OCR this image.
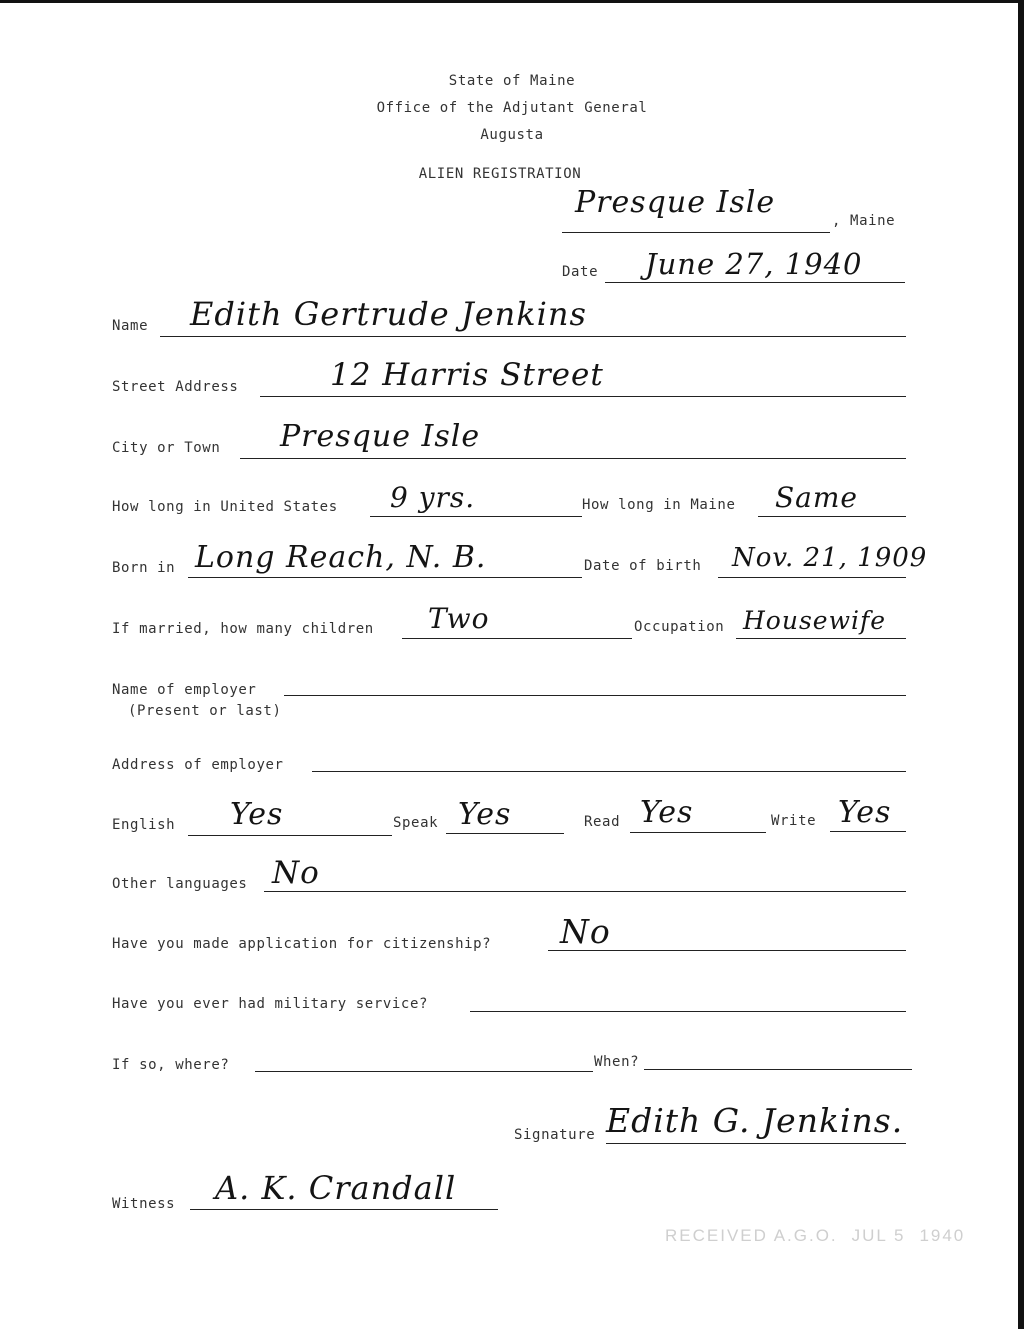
State of Maine
Office of the Adjutant General
Augusta
ALIEN REGISTRATION
Presque Isle
, Maine
Date June 27, 1940
Name Edith Gertrude Jenkins
Street Address	12 Harris Street
City or Town Presque Isle
How long in United States 9 yrs.	How long in Maine Same
Born in Long Reach, N. B.	Date of birth Nov. 21, 1909
If married, how many children Two	Occupation Housewife
Name of employer
(Present or last)
Address of employer
English Yes	Speak Yes	Read Yes	Write Yes
Other languages No
Have you made application for citizenship? No
Have you ever had military service?
If so, where?	When?
Signature Edith G. Jenkins.
Witness A. K. Crandall
RECEIVED A.G.O. JUL 5 1940
